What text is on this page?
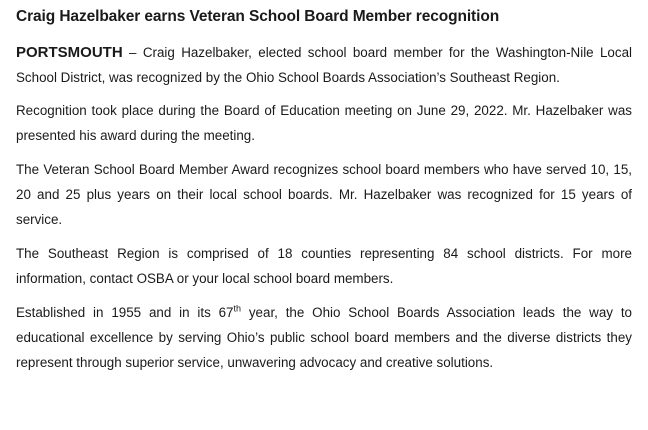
Craig Hazelbaker earns Veteran School Board Member recognition

PORTSMOUTH – Craig Hazelbaker, elected school board member for the Washington-Nile Local School District, was recognized by the Ohio School Boards Association’s Southeast Region.

Recognition took place during the Board of Education meeting on June 29, 2022. Mr. Hazelbaker was presented his award during the meeting.

The Veteran School Board Member Award recognizes school board members who have served 10, 15, 20 and 25 plus years on their local school boards. Mr. Hazelbaker was recognized for 15 years of service.

The Southeast Region is comprised of 18 counties representing 84 school districts. For more information, contact OSBA or your local school board members.

Established in 1955 and in its 67th year, the Ohio School Boards Association leads the way to educational excellence by serving Ohio’s public school board members and the diverse districts they represent through superior service, unwavering advocacy and creative solutions.
